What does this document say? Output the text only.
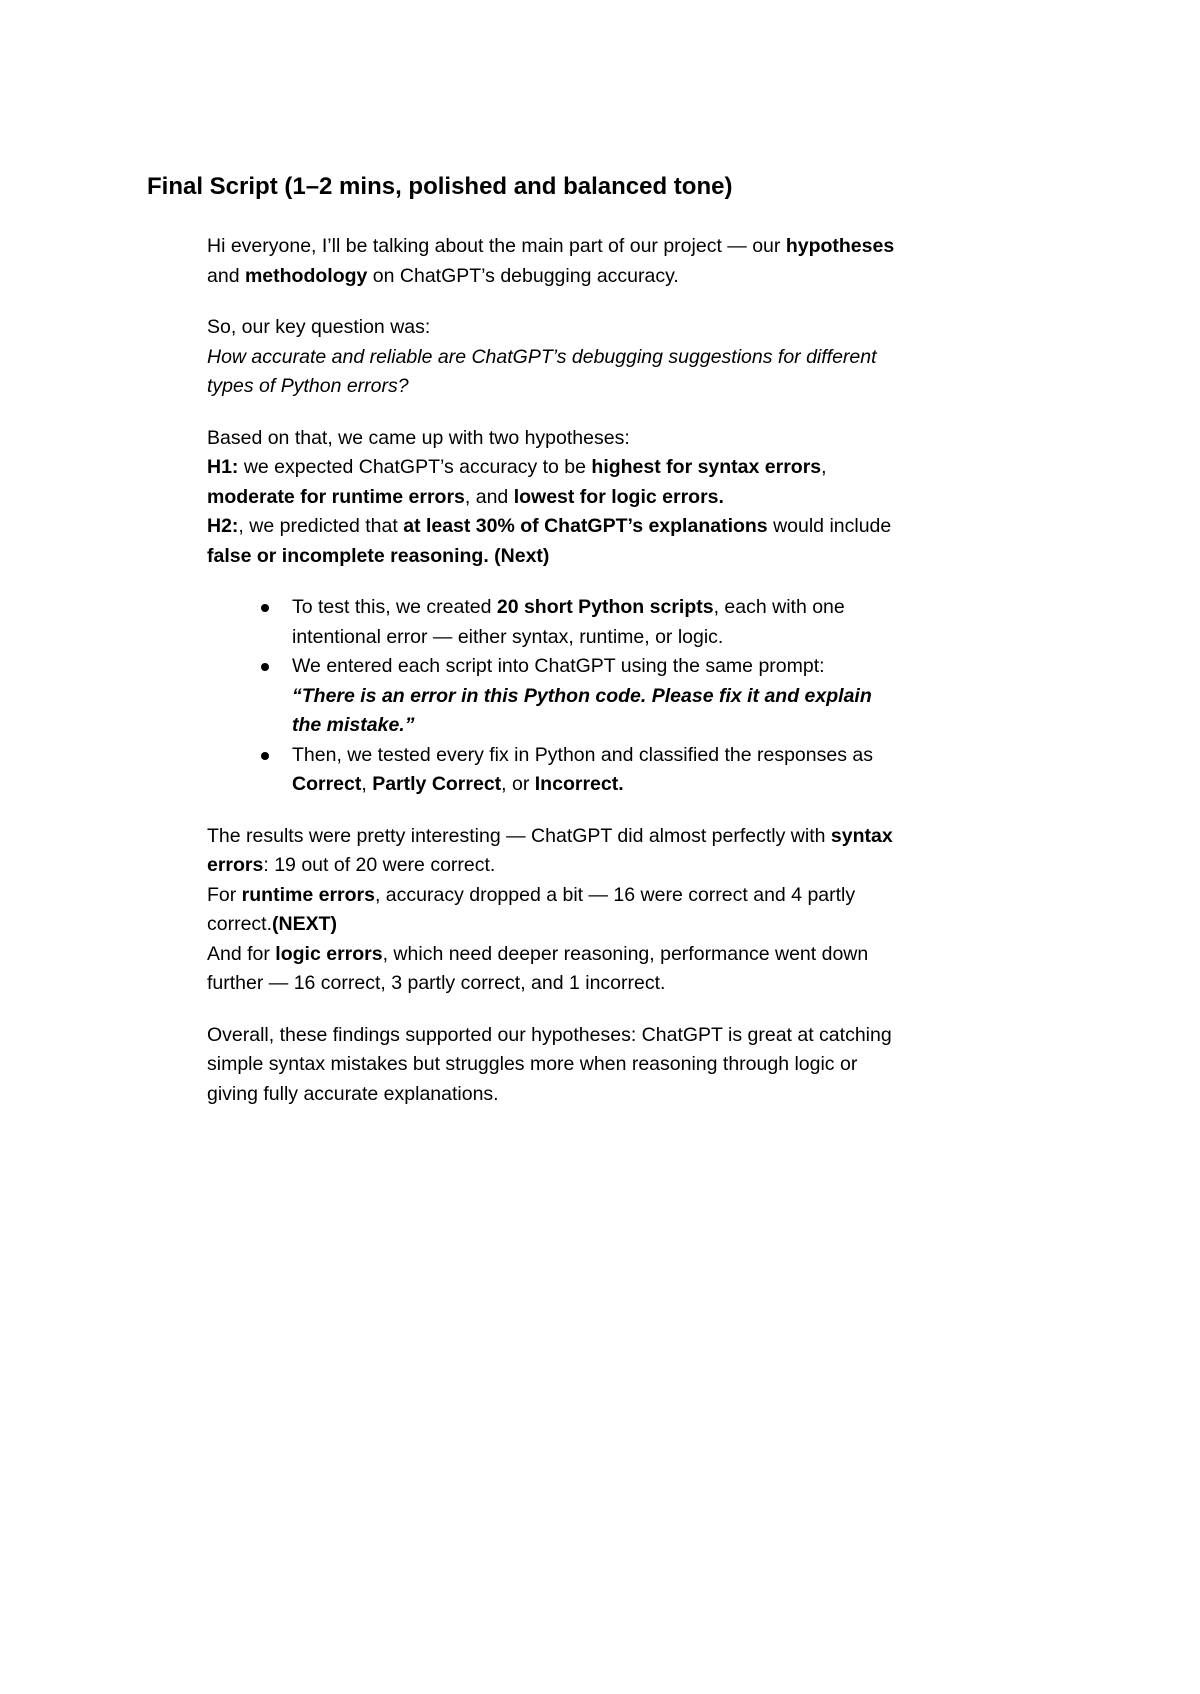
Final Script (1–2 mins, polished and balanced tone)

Hi everyone, I’ll be talking about the main part of our project — our hypotheses
and methodology on ChatGPT’s debugging accuracy.

So, our key question was:
How accurate and reliable are ChatGPT’s debugging suggestions for different
types of Python errors?

Based on that, we came up with two hypotheses:
H1: we expected ChatGPT’s accuracy to be highest for syntax errors,
moderate for runtime errors, and lowest for logic errors.
H2:, we predicted that at least 30% of ChatGPT’s explanations would include
false or incomplete reasoning. (Next)

To test this, we created 20 short Python scripts, each with one
intentional error — either syntax, runtime, or logic.
We entered each script into ChatGPT using the same prompt:
“There is an error in this Python code. Please fix it and explain
the mistake.”
Then, we tested every fix in Python and classified the responses as
Correct, Partly Correct, or Incorrect.

The results were pretty interesting — ChatGPT did almost perfectly with syntax
errors: 19 out of 20 were correct.
For runtime errors, accuracy dropped a bit — 16 were correct and 4 partly
correct.(NEXT)
And for logic errors, which need deeper reasoning, performance went down
further — 16 correct, 3 partly correct, and 1 incorrect.

Overall, these findings supported our hypotheses: ChatGPT is great at catching
simple syntax mistakes but struggles more when reasoning through logic or
giving fully accurate explanations.
